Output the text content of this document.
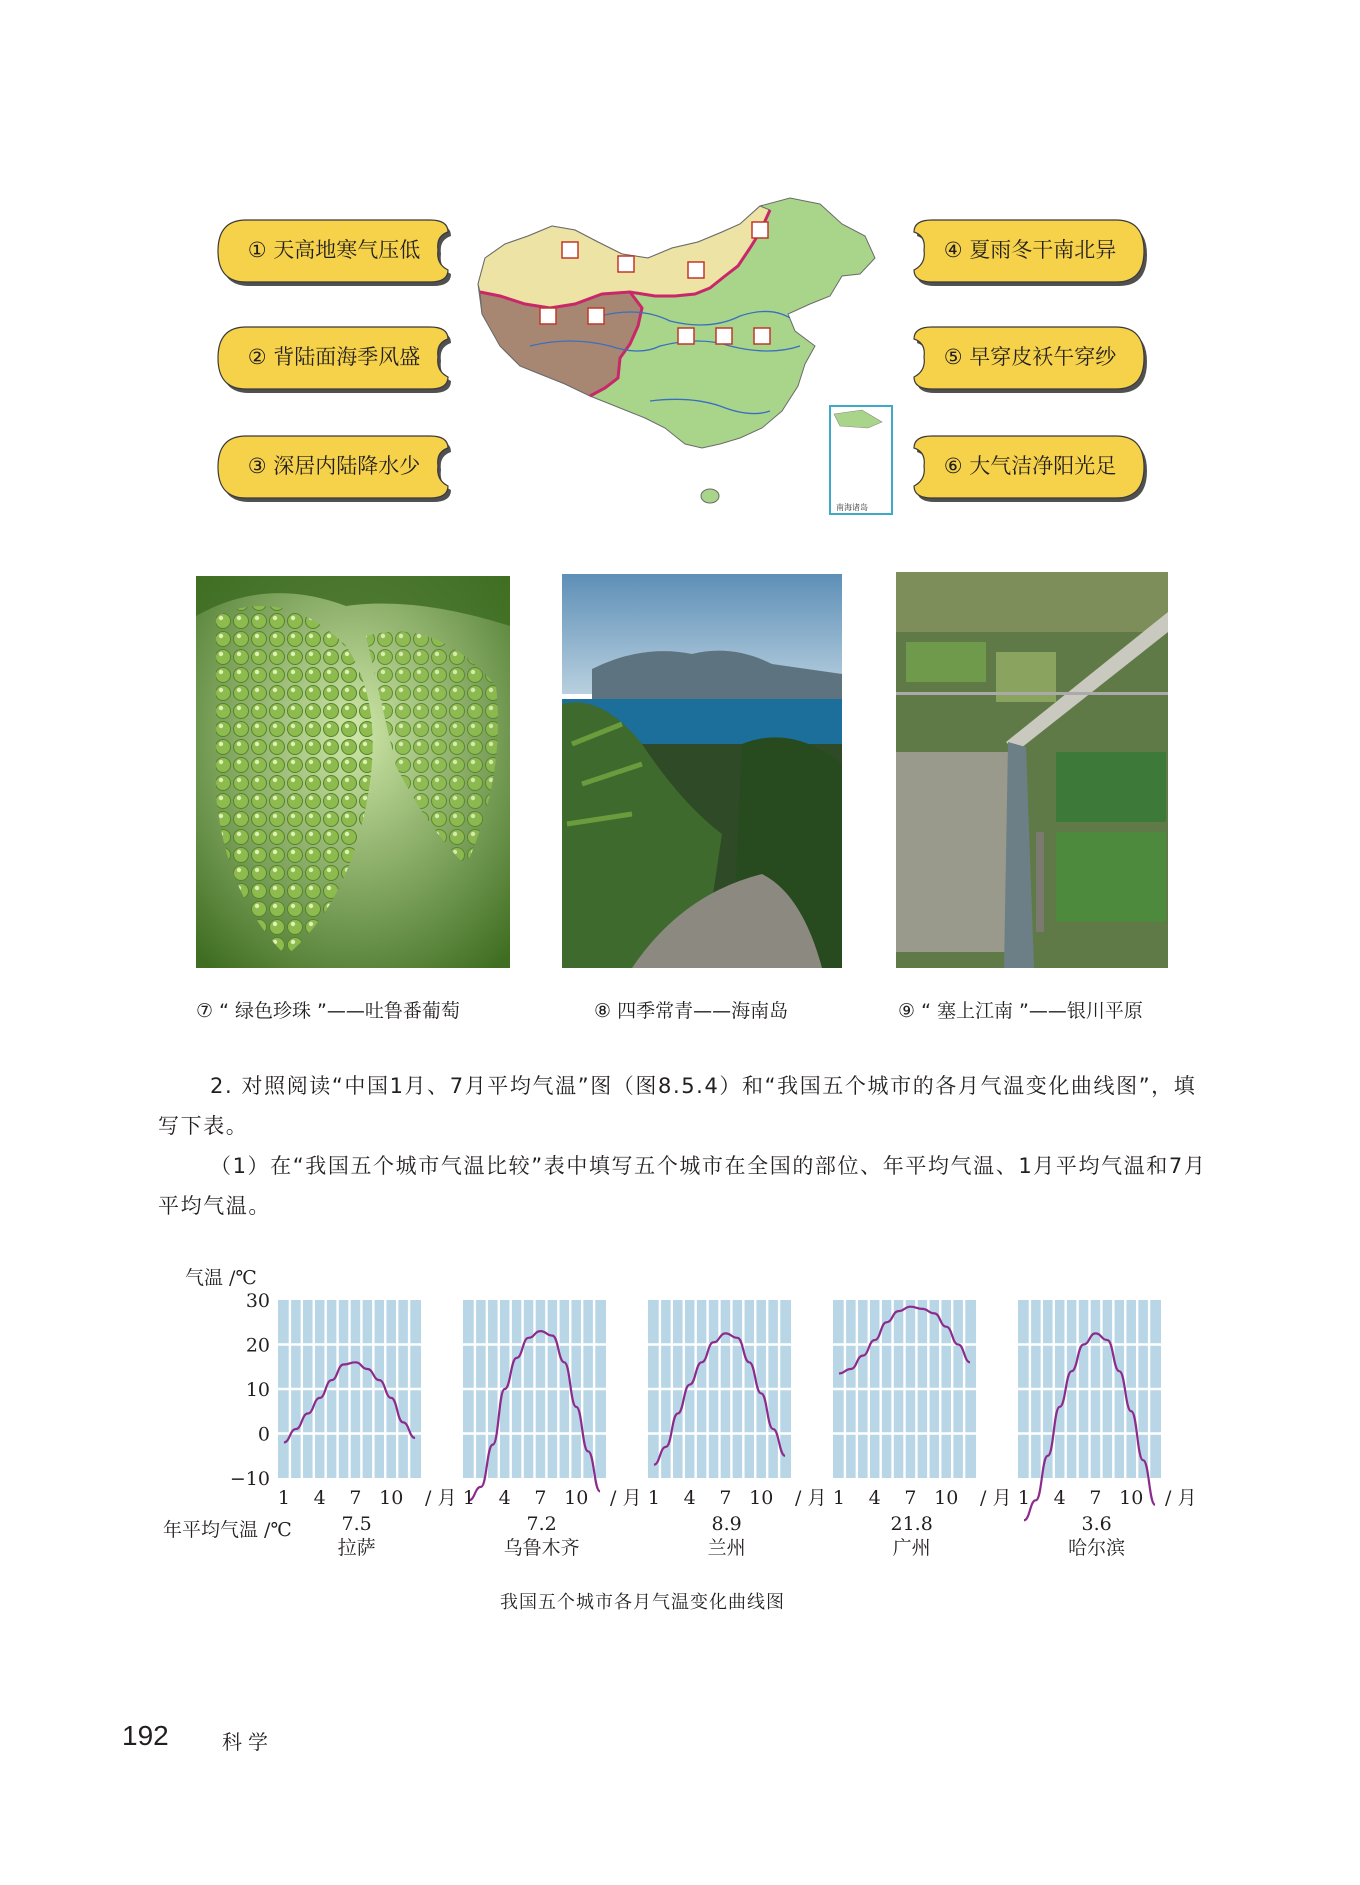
① 天高地寒气压低
② 背陆面海季风盛
③ 深居内陆降水少
④ 夏雨冬干南北异
⑤ 早穿皮袄午穿纱
⑥ 大气洁净阳光足
南海诸岛
⑦ “ 绿色珍珠 ”——吐鲁番葡萄	⑧ 四季常青——海南岛	⑨ “ 塞上江南 ”——银川平原
2. 对照阅读“中国1月、7月平均气温”图（图8.5.4）和“我国五个城市的各月气温变化曲线图”，填写下表。
（1）在“我国五个城市气温比较”表中填写五个城市在全国的部位、年平均气温、1月平均气温和7月平均气温。
气温 /℃
30
20
10
0
−10
1 4 7 10 / 月
7.5
拉萨
1 4 7 10 / 月
7.2
乌鲁木齐
1 4 7 10 / 月
8.9
兰州
1 4 7 10 / 月
21.8
广州
1 4 7 10 / 月
3.6
哈尔滨
年平均气温 /℃
我国五个城市各月气温变化曲线图
192	科学
